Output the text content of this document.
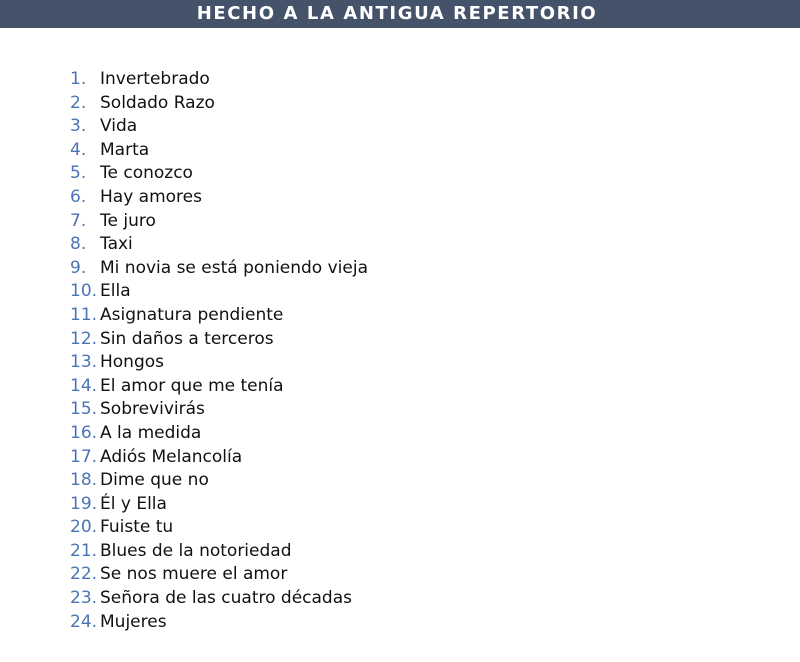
HECHO A LA ANTIGUA REPERTORIO
1. Invertebrado
2. Soldado Razo
3. Vida
4. Marta
5. Te conozco
6. Hay amores
7. Te juro
8. Taxi
9. Mi novia se está poniendo vieja
10. Ella
11. Asignatura pendiente
12. Sin daños a terceros
13. Hongos
14. El amor que me tenía
15. Sobrevivirás
16. A la medida
17. Adiós Melancolía
18. Dime que no
19. Él y Ella
20. Fuiste tu
21. Blues de la notoriedad
22. Se nos muere el amor
23. Señora de las cuatro décadas
24. Mujeres
